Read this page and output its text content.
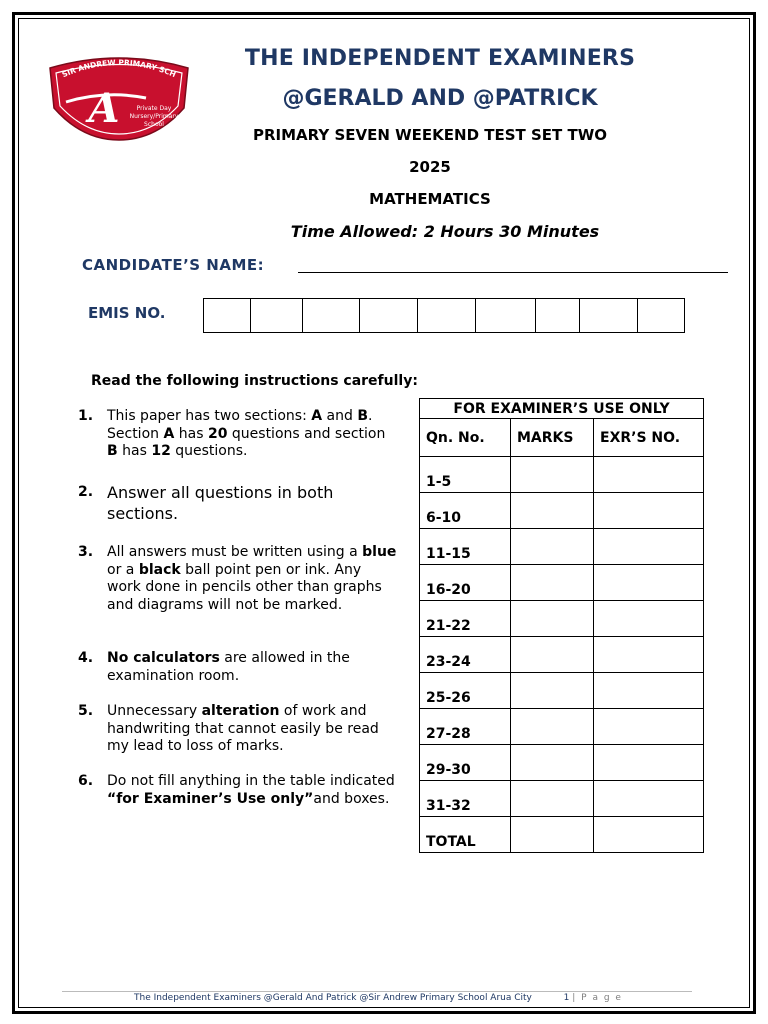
SIR ANDREW PRIMARY SCH
A	Private Day
Nursery/Primary
School
THE INDEPENDENT EXAMINERS
@GERALD AND @PATRICK
PRIMARY SEVEN WEEKEND TEST SET TWO
2025
MATHEMATICS
Time Allowed: 2 Hours 30 Minutes
CANDIDATE’S NAME:
EMIS NO.
Read the following instructions carefully:
1. This paper has two sections: A and B. Section A has 20 questions and section B has 12 questions.
2. Answer all questions in both sections.
3. All answers must be written using a blue or a black ball point pen or ink. Any work done in pencils other than graphs and diagrams will not be marked.
4. No calculators are allowed in the examination room.
5. Unnecessary alteration of work and handwriting that cannot easily be read my lead to loss of marks.
6. Do not fill anything in the table indicated “for Examiner’s Use only”and boxes.
FOR EXAMINER’S USE ONLY		
Qn. No.	MARKS	EXR’S NO.
1-5		
6-10		
11-15		
16-20		
21-22		
23-24		
25-26		
27-28		
29-30		
31-32		
TOTAL		
The Independent Examiners @Gerald And Patrick @Sir Andrew Primary School Arua City	1 | P a g e
